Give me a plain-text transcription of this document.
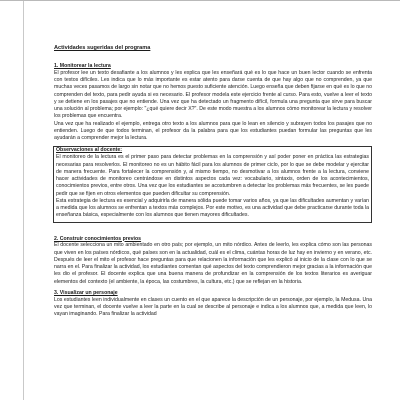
Actividades sugeridas del programa

1. Monitorear la lectura

El profesor lee un texto desafiante a los alumnos y les explica que les enseñará qué es lo que hace un buen lector cuando se enfrenta con textos difíciles. Les indica que lo más importante es estar atento para darse cuenta de que hay algo que no comprenden, ya que muchas veces pasamos de largo sin notar que no hemos puesto suficiente atención. Luego enseña que deben fijarse en qué es lo que no comprenden del texto, para pedir ayuda si es necesario. El profesor modela este ejercicio frente al curso. Para esto, vuelve a leer el texto y se detiene en los pasajes que no entiende. Una vez que ha detectado un fragmento difícil, formula una pregunta que sirve para buscar una solución al problema; por ejemplo: "¿qué quiere decir X?". De este modo muestra a los alumnos cómo monitorear la lectura y resolver los problemas que encuentra.

Una vez que ha realizado el ejemplo, entrega otro texto a los alumnos para que lo lean en silencio y subrayen todos los pasajes que no entienden. Luego de que todos terminan, el profesor da la palabra para que los estudiantes puedan formular las preguntas que les ayudarán a comprender mejor la lectura.

Observaciones al docente:

El monitoreo de la lectura es el primer paso para detectar problemas en la comprensión y así poder poner en práctica las estrategias necesarias para resolverlos. El monitoreo no es un hábito fácil para los alumnos de primer ciclo, por lo que se debe modelar y ejercitar de manera frecuente. Para fortalecer la comprensión y, al mismo tiempo, no desmotivar a los alumnos frente a la lectura, conviene hacer actividades de monitoreo centrándose en distintos aspectos cada vez: vocabulario, sintaxis, orden de los acontecimientos, conocimientos previos, entre otros. Una vez que los estudiantes se acostumbren a detectar los problemas más frecuentes, se les puede pedir que se fijen en otros elementos que pueden dificultar su comprensión.

Esta estrategia de lectura es esencial y adquirirla de manera sólida puede tomar varios años, ya que las dificultades aumentan y varían a medida que los alumnos se enfrentan a textos más complejos. Por este motivo, es una actividad que debe practicarse durante toda la enseñanza básica, especialmente con los alumnos que tienen mayores dificultades.

2. Construir conocimientos previos

El docente selecciona un mito ambientado en otro país; por ejemplo, un mito nórdico. Antes de leerlo, les explica cómo son las personas que viven en los países nórdicos, qué países son en la actualidad, cuál es el clima, cuántas horas de luz hay en invierno y en verano, etc. Después de leer el mito el profesor hace preguntas para que relacionen la información que les explicó al inicio de la clase con lo que se narra en el. Para finalizar la actividad, los estudiantes comentan qué aspectos del texto comprendieron mejor gracias a la información que les dio el profesor. El docente explica que una buena manera de profundizar en la comprensión de los textos literarios es averiguar elementos del contexto (el ambiente, la época, las costumbres, la cultura, etc.) que se reflejan en la historia.

3. Visualizar un personaje

Los estudiantes leen individualmente en clases un cuento en el que aparece la descripción de un personaje, por ejemplo, la Medusa. Una vez que terminan, el docente vuelve a leer la parte en la cual se describe al personaje e indica a los alumnos que, a medida que leen, lo vayan imaginando. Para finalizar la actividad
